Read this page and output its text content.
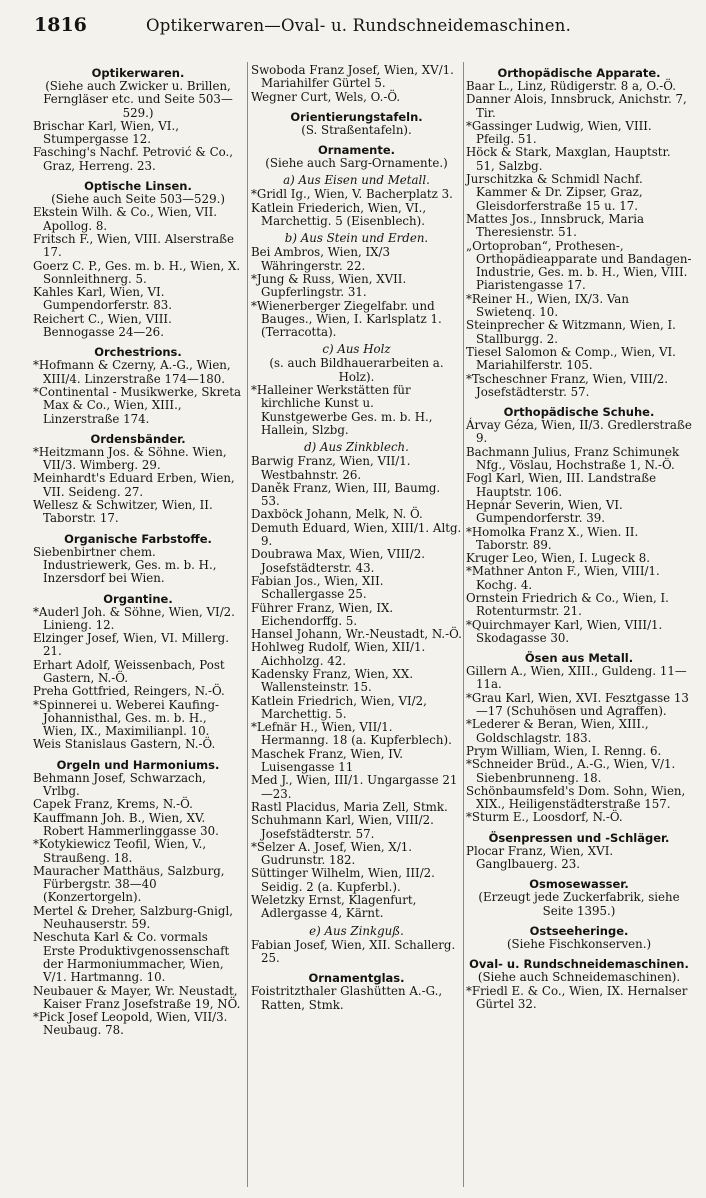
1816	Optikerwaren—Oval- u. Rundschneidemaschinen.
Optikerwaren.
(Siehe auch Zwicker u. Brillen, Ferngläser etc. und Seite 503—529.)
Brischar Karl, Wien, VI., Stumpergasse 12.
Fasching's Nachf. Petrović & Co., Graz, Herreng. 23.
Optische Linsen.
(Siehe auch Seite 503—529.)
Ekstein Wilh. & Co., Wien, VII. Apollog. 8.
Fritsch F., Wien, VIII. Alserstraße 17.
Goerz C. P., Ges. m. b. H., Wien, X. Sonnleithnerg. 5.
Kahles Karl, Wien, VI. Gumpendorferstr. 83.
Reichert C., Wien, VIII. Bennogasse 24—26.
Orchestrions.
*Hofmann & Czerny, A.-G., Wien, XIII/4. Linzerstraße 174—180.
*Continental - Musikwerke, Skreta Max & Co., Wien, XIII., Linzerstraße 174.
Ordensbänder.
*Heitzmann Jos. & Söhne. Wien, VII/3. Wimberg. 29.
Meinhardt's Eduard Erben, Wien, VII. Seideng. 27.
Wellesz & Schwitzer, Wien, II. Taborstr. 17.
Organische Farbstoffe.
Siebenbirtner chem. Industriewerk, Ges. m. b. H., Inzersdorf bei Wien.
Organtine.
*Auderl Joh. & Söhne, Wien, VI/2. Linieng. 12.
Elzinger Josef, Wien, VI. Millerg. 21.
Erhart Adolf, Weissenbach, Post Gastern, N.-Ö.
Preha Gottfried, Reingers, N.-Ö.
*Spinnerei u. Weberei Kaufing-Johannisthal, Ges. m. b. H., Wien, IX., Maximilianpl. 10.
Weis Stanislaus Gastern, N.-Ö.
Orgeln und Harmoniums.
Behmann Josef, Schwarzach, Vrlbg.
Capek Franz, Krems, N.-Ö.
Kauffmann Joh. B., Wien, XV. Robert Hammerlinggasse 30.
*Kotykiewicz Teofil, Wien, V., Straußeng. 18.
Mauracher Matthäus, Salzburg, Fürbergstr. 38—40 (Konzertorgeln).
Mertel & Dreher, Salzburg-Gnigl, Neuhauserstr. 59.
Neschuta Karl & Co. vormals Erste Produktivgenossenschaft der Harmoniummacher, Wien, V/1. Hartmanng. 10.
Neubauer & Mayer, Wr. Neustadt, Kaiser Franz Josefstraße 19, NÖ.
*Pick Josef Leopold, Wien, VII/3. Neubaug. 78.
Swoboda Franz Josef, Wien, XV/1. Mariahilfer Gürtel 5.
Wegner Curt, Wels, O.-Ö.
Orientierungstafeln.
(S. Straßentafeln).
Ornamente.
(Siehe auch Sarg-Ornamente.)
a) Aus Eisen und Metall.
*Gridl Ig., Wien, V. Bacherplatz 3.
Katlein Friederich, Wien, VI., Marchettig. 5 (Eisenblech).
b) Aus Stein und Erden.
Bei Ambros, Wien, IX/3 Währingerstr. 22.
*Jung & Russ, Wien, XVII. Gupferlingstr. 31.
*Wienerberger Ziegelfabr. und Bauges., Wien, I. Karlsplatz 1. (Terracotta).
c) Aus Holz
(s. auch Bildhauerarbeiten a. Holz).
*Halleiner Werkstätten für kirchliche Kunst u. Kunstgewerbe Ges. m. b. H., Hallein, Slzbg.
d) Aus Zinkblech.
Barwig Franz, Wien, VII/1. Westbahnstr. 26.
Daněk Franz, Wien, III, Baumg. 53.
Daxböck Johann, Melk, N. Ö.
Demuth Eduard, Wien, XIII/1. Altg. 9.
Doubrawa Max, Wien, VIII/2. Josefstädterstr. 43.
Fabian Jos., Wien, XII. Schallergasse 25.
Führer Franz, Wien, IX. Eichendorffg. 5.
Hansel Johann, Wr.-Neustadt, N.-Ö.
Hohlweg Rudolf, Wien, XII/1. Aichholzg. 42.
Kadensky Franz, Wien, XX. Wallensteinstr. 15.
Katlein Friedrich, Wien, VI/2, Marchettig. 5.
*Lefnär H., Wien, VII/1. Hermanng. 18 (a. Kupferblech).
Maschek Franz, Wien, IV. Luisengasse 11
Med J., Wien, III/1. Ungargasse 21—23.
Rastl Placidus, Maria Zell, Stmk.
Schuhmann Karl, Wien, VIII/2. Josefstädterstr. 57.
*Selzer A. Josef, Wien, X/1. Gudrunstr. 182.
Süttinger Wilhelm, Wien, III/2. Seidig. 2 (a. Kupferbl.).
Weletzky Ernst, Klagenfurt, Adlergasse 4, Kärnt.
e) Aus Zinkguß.
Fabian Josef, Wien, XII. Schallerg. 25.
Ornamentglas.
Foistritzthaler Glashütten A.-G., Ratten, Stmk.
Orthopädische Apparate.
Baar L., Linz, Rüdigerstr. 8 a, O.-Ö.
Danner Alois, Innsbruck, Anichstr. 7, Tir.
*Gassinger Ludwig, Wien, VIII. Pfeilg. 51.
Höck & Stark, Maxglan, Hauptstr. 51, Salzbg.
Jurschitzka & Schmidl Nachf. Kammer & Dr. Zipser, Graz, Gleisdorferstraße 15 u. 17.
Mattes Jos., Innsbruck, Maria Theresienstr. 51.
„Ortoproban“, Prothesen-, Orthopädieapparate und Bandagen-Industrie, Ges. m. b. H., Wien, VIII. Piaristengasse 17.
*Reiner H., Wien, IX/3. Van Swietenq. 10.
Steinprecher & Witzmann, Wien, I. Stallburgg. 2.
Tiesel Salomon & Comp., Wien, VI. Mariahilferstr. 105.
*Tscheschner Franz, Wien, VIII/2. Josefstädterstr. 57.
Orthopädische Schuhe.
Árvay Géza, Wien, II/3. Gredlerstraße 9.
Bachmann Julius, Franz Schimunek Nfg., Vöslau, Hochstraße 1, N.-Ö.
Fogl Karl, Wien, III. Landstraße Hauptstr. 106.
Hepnár Severin, Wien, VI. Gumpendorferstr. 39.
*Homolka Franz X., Wien. II. Taborstr. 89.
Kruger Leo, Wien, I. Lugeck 8.
*Mathner Anton F., Wien, VIII/1. Kochg. 4.
Ornstein Friedrich & Co., Wien, I. Rotenturmstr. 21.
*Quirchmayer Karl, Wien, VIII/1. Skodagasse 30.
Ösen aus Metall.
Gillern A., Wien, XIII., Guldeng. 11—11a.
*Grau Karl, Wien, XVI. Fesztgasse 13—17 (Schuhösen und Agraffen).
*Lederer & Beran, Wien, XIII., Goldschlagstr. 183.
Prym William, Wien, I. Renng. 6.
*Schneider Brüd., A.-G., Wien, V/1. Siebenbrunneng. 18.
Schönbaumsfeld's Dom. Sohn, Wien, XIX., Heiligenstädterstraße 157.
*Sturm E., Loosdorf, N.-Ö.
Ösenpressen und -Schläger.
Plocar Franz, Wien, XVI. Ganglbauerg. 23.
Osmosewasser.
(Erzeugt jede Zuckerfabrik, siehe Seite 1395.)
Ostseeheringe.
(Siehe Fischkonserven.)
Oval- u. Rundschneidemaschinen.
(Siehe auch Schneidemaschinen).
*Friedl E. & Co., Wien, IX. Hernalser Gürtel 32.
